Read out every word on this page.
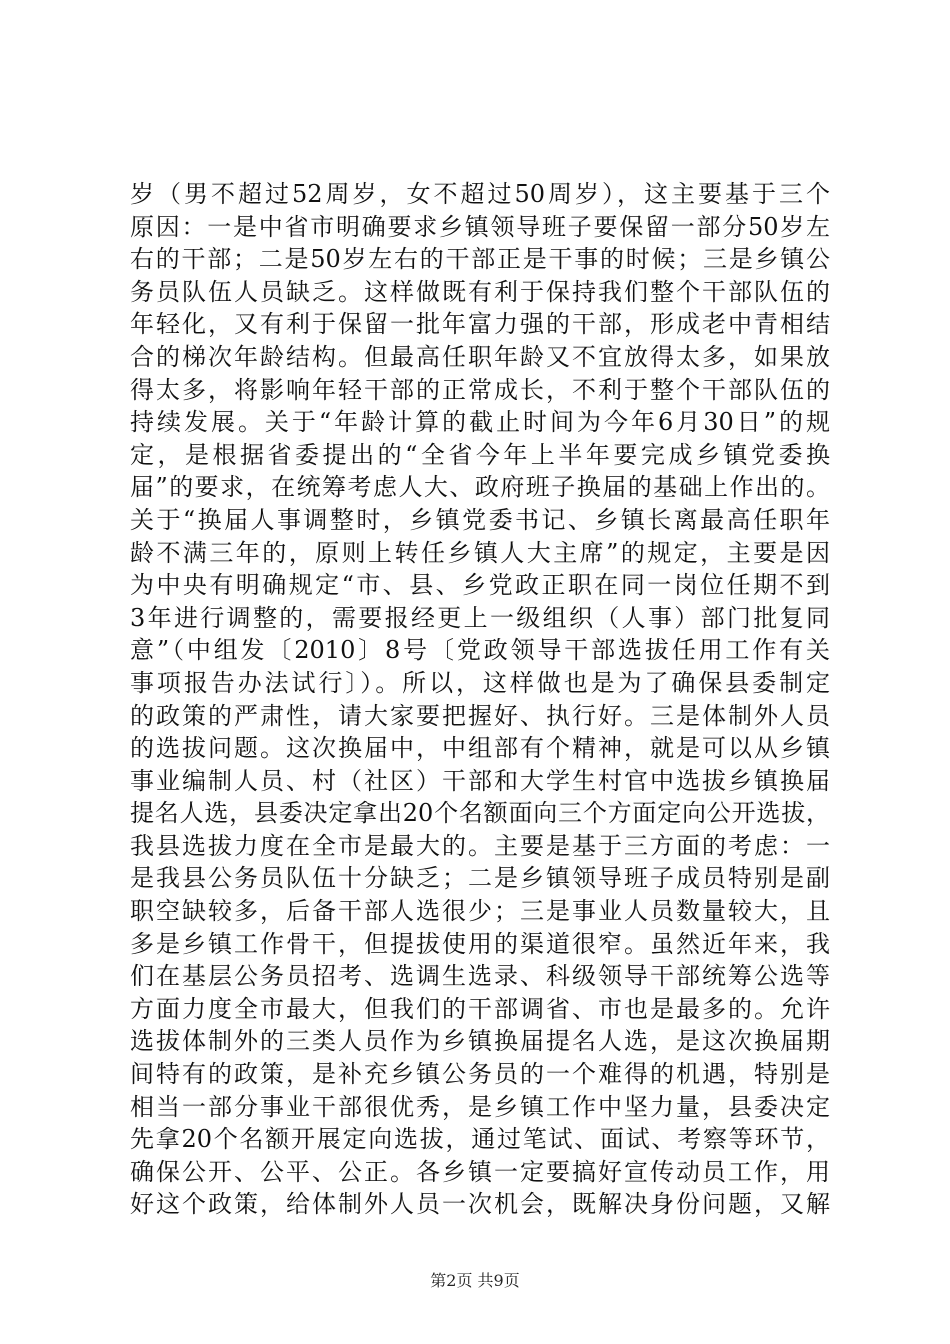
岁（男不超过52周岁，女不超过50周岁），这主要基于三个
原因：一是中省市明确要求乡镇领导班子要保留一部分50岁左
右的干部；二是50岁左右的干部正是干事的时候；三是乡镇公
务员队伍人员缺乏。这样做既有利于保持我们整个干部队伍的
年轻化，又有利于保留一批年富力强的干部，形成老中青相结
合的梯次年龄结构。但最高任职年龄又不宜放得太多，如果放
得太多，将影响年轻干部的正常成长，不利于整个干部队伍的
持续发展。关于“年龄计算的截止时间为今年6月30日”的规
定，是根据省委提出的“全省今年上半年要完成乡镇党委换
届”的要求，在统筹考虑人大、政府班子换届的基础上作出的。
关于“换届人事调整时，乡镇党委书记、乡镇长离最高任职年
龄不满三年的，原则上转任乡镇人大主席”的规定，主要是因
为中央有明确规定“市、县、乡党政正职在同一岗位任期不到
3年进行调整的，需要报经更上一级组织（人事）部门批复同
意”（中组发〔2010〕8号〔党政领导干部选拔任用工作有关
事项报告办法试行〕）。所以，这样做也是为了确保县委制定
的政策的严肃性，请大家要把握好、执行好。三是体制外人员
的选拔问题。这次换届中，中组部有个精神，就是可以从乡镇
事业编制人员、村（社区）干部和大学生村官中选拔乡镇换届
提名人选，县委决定拿出20个名额面向三个方面定向公开选拔，
我县选拔力度在全市是最大的。主要是基于三方面的考虑：一
是我县公务员队伍十分缺乏；二是乡镇领导班子成员特别是副
职空缺较多，后备干部人选很少；三是事业人员数量较大，且
多是乡镇工作骨干，但提拔使用的渠道很窄。虽然近年来，我
们在基层公务员招考、选调生选录、科级领导干部统筹公选等
方面力度全市最大，但我们的干部调省、市也是最多的。允许
选拔体制外的三类人员作为乡镇换届提名人选，是这次换届期
间特有的政策，是补充乡镇公务员的一个难得的机遇，特别是
相当一部分事业干部很优秀，是乡镇工作中坚力量，县委决定
先拿20个名额开展定向选拔，通过笔试、面试、考察等环节，
确保公开、公平、公正。各乡镇一定要搞好宣传动员工作，用
好这个政策，给体制外人员一次机会，既解决身份问题，又解
第2页 共9页
